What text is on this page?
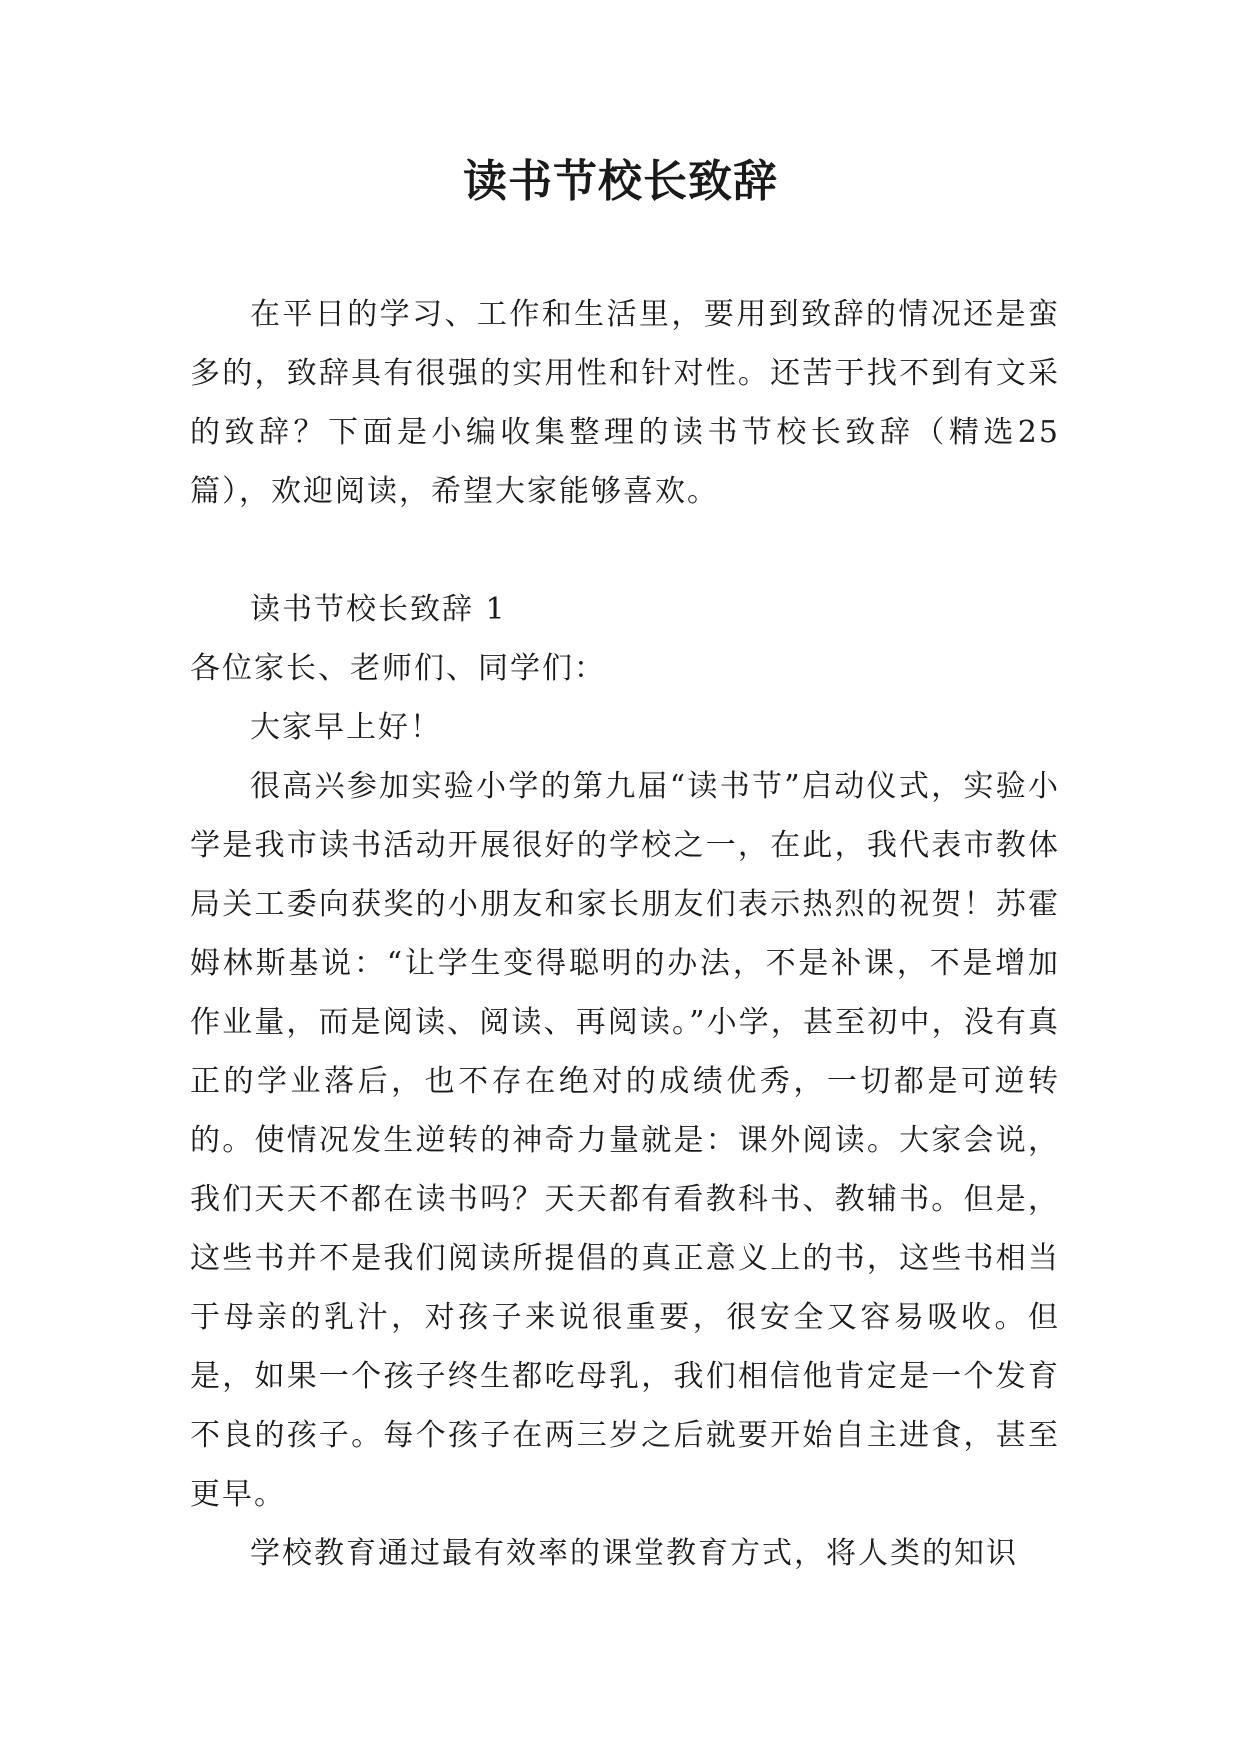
读书节校长致辞

在平日的学习、工作和生活里，要用到致辞的情况还是蛮多的，致辞具有很强的实用性和针对性。还苦于找不到有文采的致辞？下面是小编收集整理的读书节校长致辞（精选25篇），欢迎阅读，希望大家能够喜欢。

读书节校长致辞 1

各位家长、老师们、同学们：

大家早上好！

很高兴参加实验小学的第九届“读书节”启动仪式，实验小学是我市读书活动开展很好的学校之一，在此，我代表市教体局关工委向获奖的小朋友和家长朋友们表示热烈的祝贺！苏霍姆林斯基说：“让学生变得聪明的办法，不是补课，不是增加作业量，而是阅读、阅读、再阅读。”小学，甚至初中，没有真正的学业落后，也不存在绝对的成绩优秀，一切都是可逆转的。使情况发生逆转的神奇力量就是：课外阅读。大家会说，我们天天不都在读书吗？天天都有看教科书、教辅书。但是，这些书并不是我们阅读所提倡的真正意义上的书，这些书相当于母亲的乳汁，对孩子来说很重要，很安全又容易吸收。但是，如果一个孩子终生都吃母乳，我们相信他肯定是一个发育不良的孩子。每个孩子在两三岁之后就要开始自主进食，甚至更早。

学校教育通过最有效率的课堂教育方式，将人类的知识
